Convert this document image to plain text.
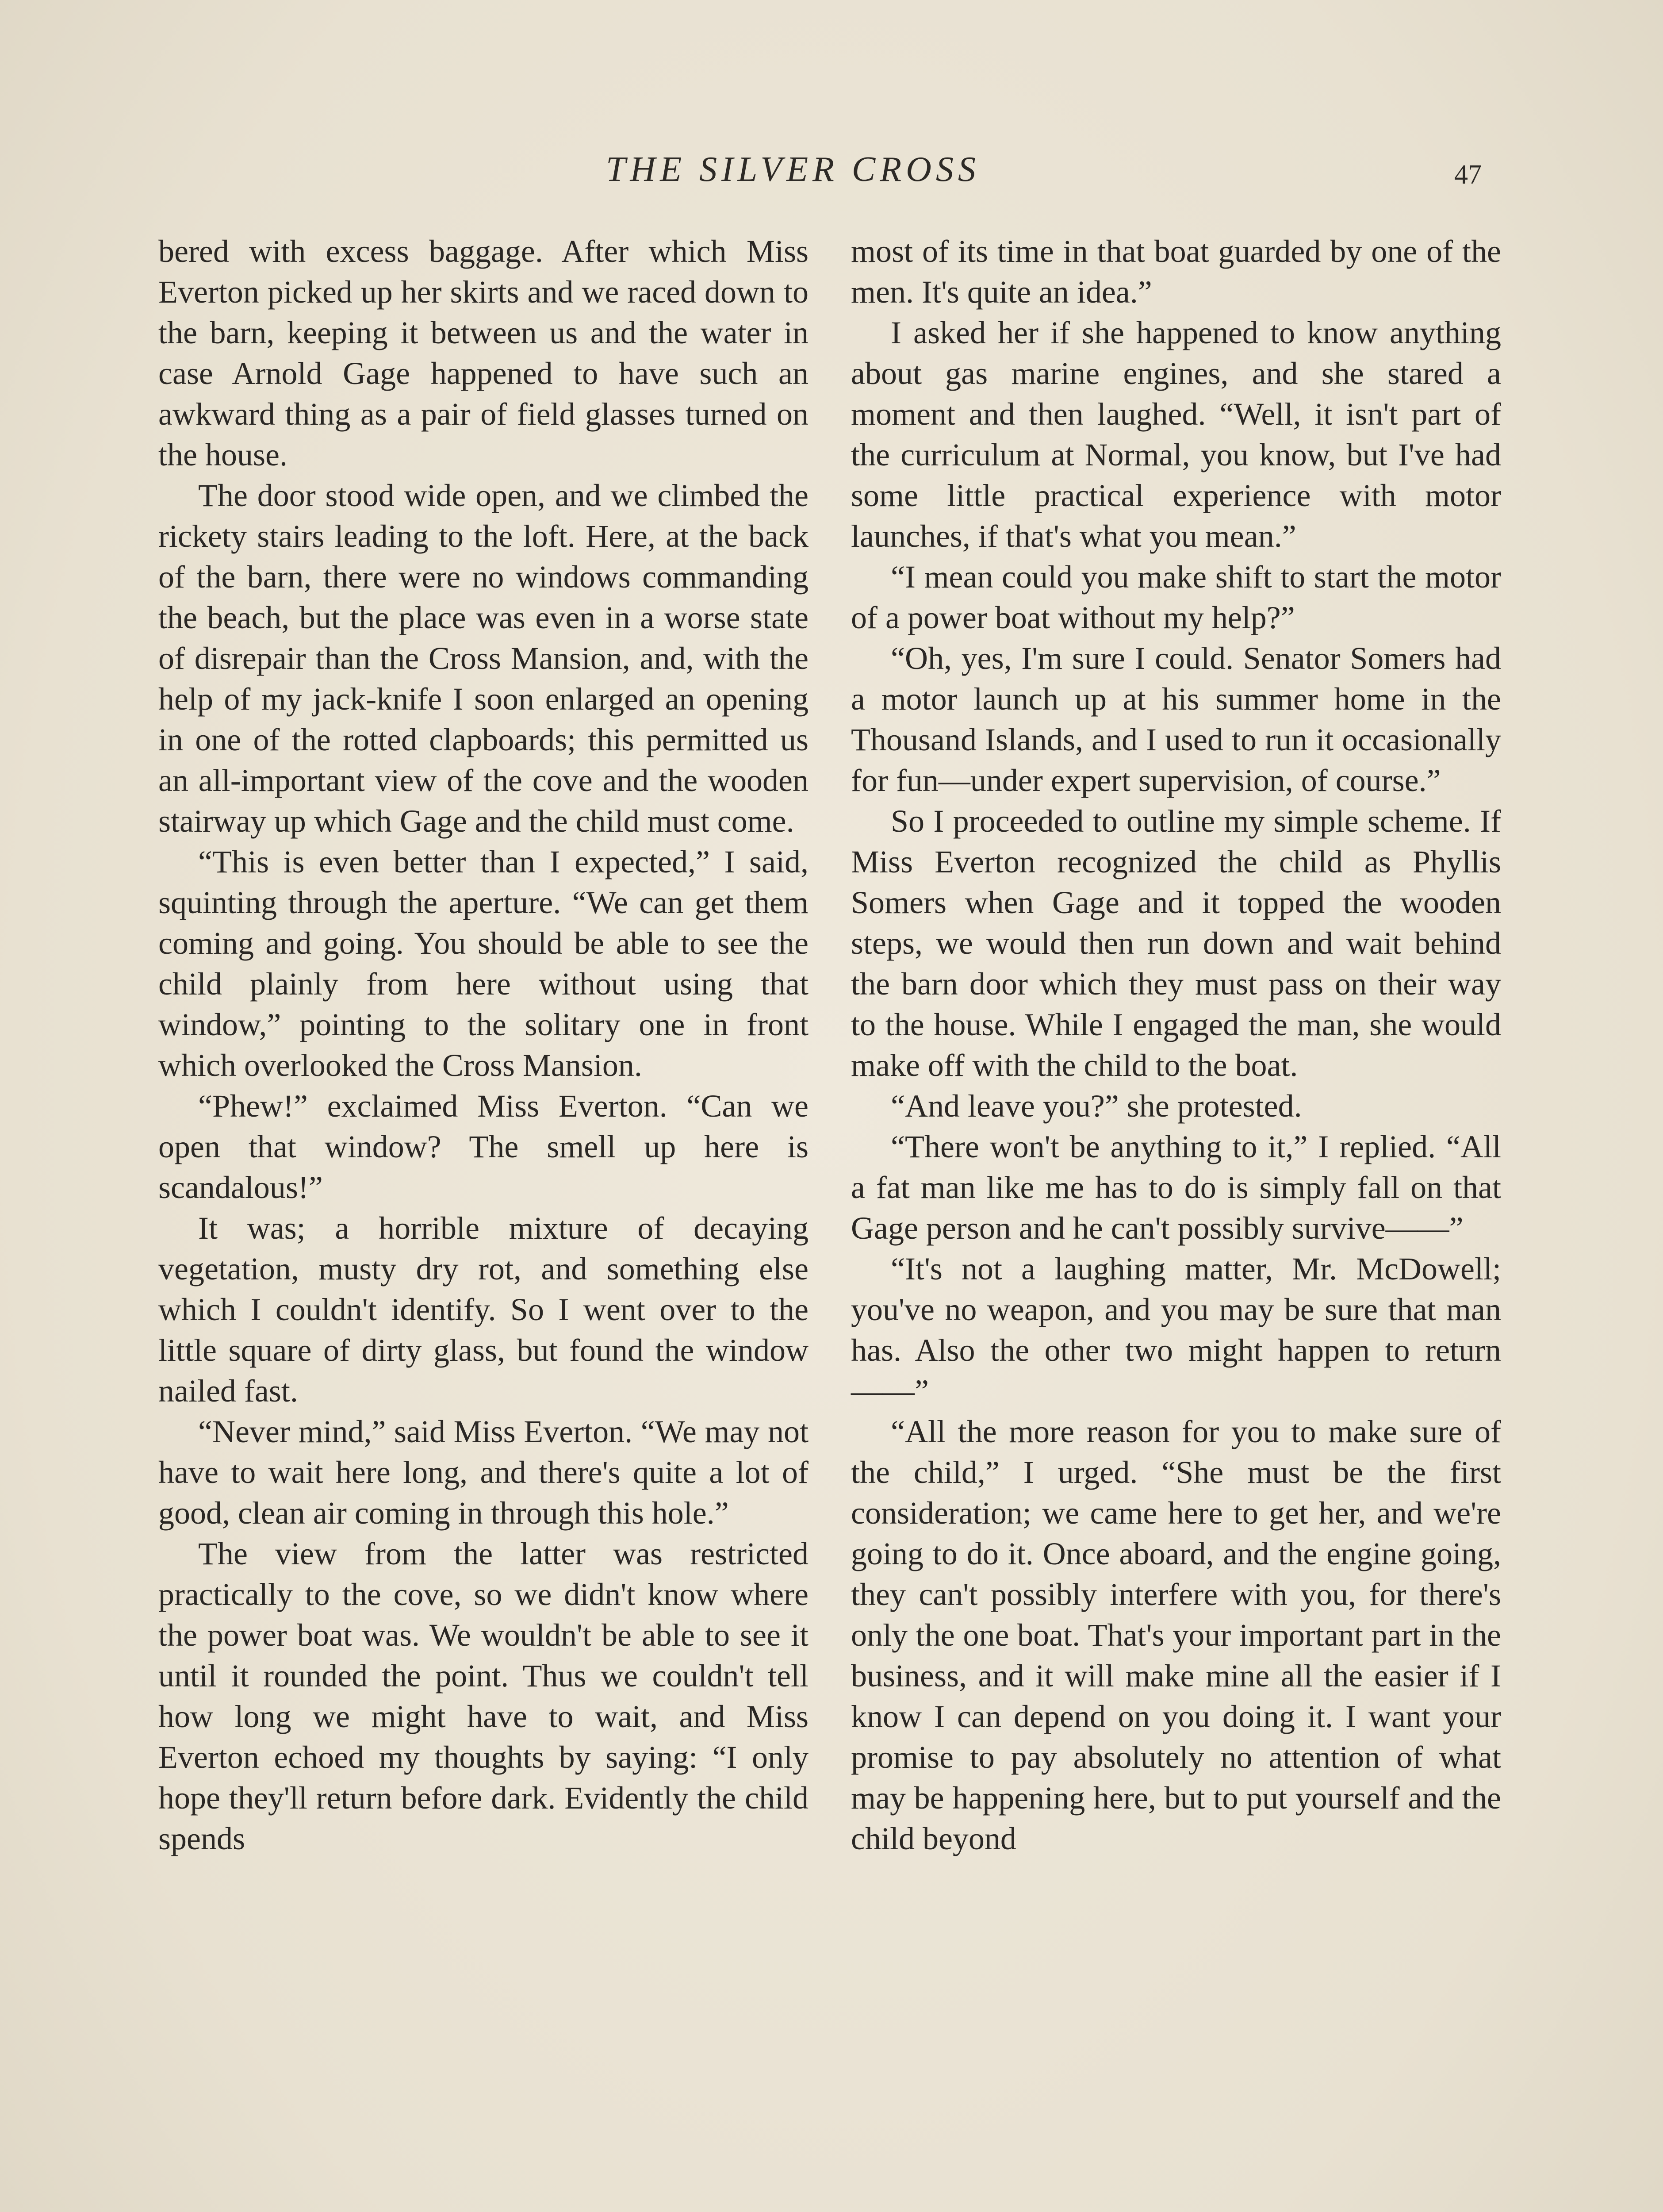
THE SILVER CROSS	47

bered with excess baggage. After which Miss Everton picked up her skirts and we raced down to the barn, keeping it between us and the water in case Arnold Gage happened to have such an awkward thing as a pair of field glasses turned on the house.

The door stood wide open, and we climbed the rickety stairs leading to the loft. Here, at the back of the barn, there were no windows commanding the beach, but the place was even in a worse state of disrepair than the Cross Mansion, and, with the help of my jack-knife I soon enlarged an opening in one of the rotted clapboards; this permitted us an all-important view of the cove and the wooden stairway up which Gage and the child must come.

“This is even better than I expected,” I said, squinting through the aperture. “We can get them coming and going. You should be able to see the child plainly from here without using that window,” pointing to the solitary one in front which overlooked the Cross Mansion.

“Phew!” exclaimed Miss Everton. “Can we open that window? The smell up here is scandalous!”

It was; a horrible mixture of decaying vegetation, musty dry rot, and something else which I couldn't identify. So I went over to the little square of dirty glass, but found the window nailed fast.

“Never mind,” said Miss Everton. “We may not have to wait here long, and there's quite a lot of good, clean air coming in through this hole.”

The view from the latter was restricted practically to the cove, so we didn't know where the power boat was. We wouldn't be able to see it until it rounded the point. Thus we couldn't tell how long we might have to wait, and Miss Everton echoed my thoughts by saying: “I only hope they'll return before dark. Evidently the child spends

most of its time in that boat guarded by one of the men. It's quite an idea.”

I asked her if she happened to know anything about gas marine engines, and she stared a moment and then laughed. “Well, it isn't part of the curriculum at Normal, you know, but I've had some little practical experience with motor launches, if that's what you mean.”

“I mean could you make shift to start the motor of a power boat without my help?”

“Oh, yes, I'm sure I could. Senator Somers had a motor launch up at his summer home in the Thousand Islands, and I used to run it occasionally for fun—under expert supervision, of course.”

So I proceeded to outline my simple scheme. If Miss Everton recognized the child as Phyllis Somers when Gage and it topped the wooden steps, we would then run down and wait behind the barn door which they must pass on their way to the house. While I engaged the man, she would make off with the child to the boat.

“And leave you?” she protested.

“There won't be anything to it,” I replied. “All a fat man like me has to do is simply fall on that Gage person and he can't possibly survive——”

“It's not a laughing matter, Mr. McDowell; you've no weapon, and you may be sure that man has. Also the other two might happen to return——”

“All the more reason for you to make sure of the child,” I urged. “She must be the first consideration; we came here to get her, and we're going to do it. Once aboard, and the engine going, they can't possibly interfere with you, for there's only the one boat. That's your important part in the business, and it will make mine all the easier if I know I can depend on you doing it. I want your promise to pay absolutely no attention of what may be happening here, but to put yourself and the child beyond
